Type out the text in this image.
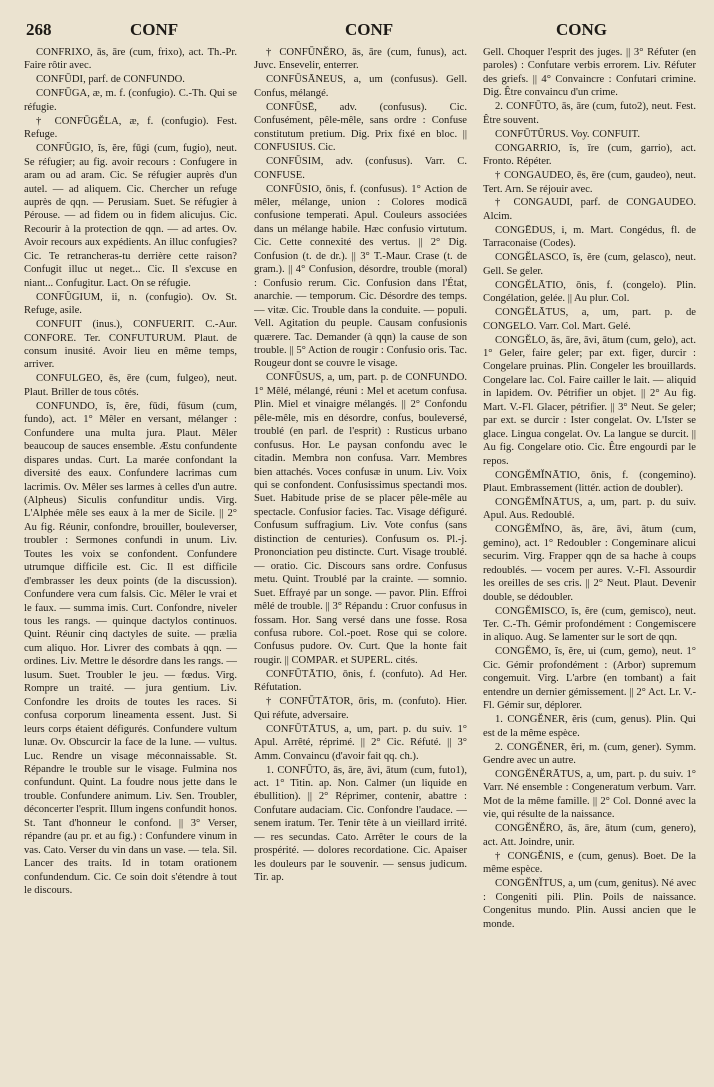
268	CONF	CONF	CONG

CONFRIXO, ās, āre (cum, frixo), act. Th.-Pr. Faire rôtir avec.

CONFŪDI, parf. de CONFUNDO.

CONFŪGA, æ, m. f. (confugio). C.-Th. Qui se réfugie.

† CONFŪGĔLA, æ, f. (confugio). Fest. Refuge.

CONFŬGIO, ĭs, ĕre, fūgi (cum, fugio), neut. Se réfugier; au fig. avoir recours : Confugere in aram ou ad aram. Cic. Se réfugier auprès d'un autel. — ad aliquem. Cic. Chercher un refuge auprès de qqn. — Perusiam. Suet. Se réfugier à Pérouse. — ad fidem ou in fidem alicujus. Cic. Recourir à la protection de qqn. — ad artes. Ov. Avoir recours aux expédients. An illuc confugies? Cic. Te retrancheras-tu derrière cette raison? Confugit illuc ut neget... Cic. Il s'excuse en niant... Confugitur. Lact. On se réfugie.

CONFŬGIUM, ii, n. (confugio). Ov. St. Refuge, asile.

CONFUIT (inus.), CONFUERIT. C.-Aur. CONFORE. Ter. CONFUTURUM. Plaut. de consum inusité. Avoir lieu en même temps, arriver.

CONFULGEO, ēs, ēre (cum, fulgeo), neut. Plaut. Briller de tous côtés.

CONFUNDO, ĭs, ĕre, fūdi, fūsum (cum, fundo), act. 1° Mêler en versant, mélanger : Confundere una multa jura. Plaut. Mêler beaucoup de sauces ensemble. Æstu confundente dispares undas. Curt. La marée confondant la diversité des eaux. Confundere lacrimas cum lacrimis. Ov. Mêler ses larmes à celles d'un autre. (Alpheus) Siculis confunditur undis. Virg. L'Alphée mêle ses eaux à la mer de Sicile. || 2° Au fig. Réunir, confondre, brouiller, bouleverser, troubler : Sermones confundi in unum. Liv. Toutes les voix se confondent. Confundere utrumque difficile est. Cic. Il est difficile d'embrasser les deux points (de la discussion). Confundere vera cum falsis. Cic. Mêler le vrai et le faux. — summa imis. Curt. Confondre, niveler tous les rangs. — quinque dactylos continuos. Quint. Réunir cinq dactyles de suite. — prælia cum aliquo. Hor. Livrer des combats à qqn. — ordines. Liv. Mettre le désordre dans les rangs. — lusum. Suet. Troubler le jeu. — fœdus. Virg. Rompre un traité. — jura gentium. Liv. Confondre les droits de toutes les races. Si confusa corporum lineamenta essent. Just. Si leurs corps étaient défigurés. Confundere vultum lunæ. Ov. Obscurcir la face de la lune. — vultus. Luc. Rendre un visage méconnaissable. St. Répandre le trouble sur le visage. Fulmina nos confundunt. Quint. La foudre nous jette dans le trouble. Confundere animum. Liv. Sen. Troubler, déconcerter l'esprit. Illum ingens confundit honos. St. Tant d'honneur le confond. || 3° Verser, répandre (au pr. et au fig.) : Confundere vinum in vas. Cato. Verser du vin dans un vase. — tela. Sil. Lancer des traits. Id in totam orationem confundendum. Cic. Ce soin doit s'étendre à tout le discours.

† CONFŪNĔRO, ās, āre (cum, funus), act. Juvc. Ensevelir, enterrer.

CONFŪSĀNEUS, a, um (confusus). Gell. Confus, mélangé.

CONFŪSĒ, adv. (confusus). Cic. Confusément, pêle-mêle, sans ordre : Confuse constitutum pretium. Dig. Prix fixé en bloc. || CONFUSIUS. Cic.

CONFŪSIM, adv. (confusus). Varr. C. CONFUSE.

CONFŪSIO, ōnis, f. (confusus). 1° Action de mêler, mélange, union : Colores modicā confusione temperati. Apul. Couleurs associées dans un mélange habile. Hæc confusio virtutum. Cic. Cette connexité des vertus. || 2° Dig. Confusion (t. de dr.). || 3° T.-Maur. Crase (t. de gram.). || 4° Confusion, désordre, trouble (moral) : Confusio rerum. Cic. Confusion dans l'État, anarchie. — temporum. Cic. Désordre des temps. — vitæ. Cic. Trouble dans la conduite. — populi. Vell. Agitation du peuple. Causam confusionis quærere. Tac. Demander (à qqn) la cause de son trouble. || 5° Action de rougir : Confusio oris. Tac. Rougeur dont se couvre le visage.

CONFŪSUS, a, um, part. p. de CONFUNDO. 1° Mêlé, mélangé, réuni : Mel et acetum confusa. Plin. Miel et vinaigre mélangés. || 2° Confondu pêle-mêle, mis en désordre, confus, bouleversé, troublé (en parl. de l'esprit) : Rusticus urbano confusus. Hor. Le paysan confondu avec le citadin. Membra non confusa. Varr. Membres bien attachés. Voces confusæ in unum. Liv. Voix qui se confondent. Confusissimus spectandi mos. Suet. Habitude prise de se placer pêle-mêle au spectacle. Confusior facies. Tac. Visage défiguré. Confusum suffragium. Liv. Vote confus (sans distinction de centuries). Confusum os. Pl.-j. Prononciation peu distincte. Curt. Visage troublé. — oratio. Cic. Discours sans ordre. Confusus metu. Quint. Troublé par la crainte. — somnio. Suet. Effrayé par un songe. — pavor. Plin. Effroi mêlé de trouble. || 3° Répandu : Cruor confusus in fossam. Hor. Sang versé dans une fosse. Rosa confusa rubore. Col.-poet. Rose qui se colore. Confusus pudore. Ov. Curt. Que la honte fait rougir. || COMPAR. et SUPERL. cités.

CONFŪTĀTIO, ōnis, f. (confuto). Ad Her. Réfutation.

† CONFŪTĀTOR, ōris, m. (confuto). Hier. Qui réfute, adversaire.

CONFŪTĀTUS, a, um, part. p. du suiv. 1° Apul. Arrêté, réprimé. || 2° Cic. Réfuté. || 3° Amm. Convaincu (d'avoir fait qq. ch.).

1. CONFŪTO, ās, āre, āvi, ātum (cum, futo1), act. 1° Titin. ap. Non. Calmer (un liquide en ébullition). || 2° Réprimer, contenir, abattre : Confutare audaciam. Cic. Confondre l'audace. — senem iratum. Ter. Tenir tête à un vieillard irrité. — res secundas. Cato. Arrêter le cours de la prospérité. — dolores recordatione. Cic. Apaiser les douleurs par le souvenir. — sensus judicum. Tir. ap.

Gell. Choquer l'esprit des juges. || 3° Réfuter (en paroles) : Confutare verbis errorem. Liv. Réfuter des griefs. || 4° Convaincre : Confutari crimine. Dig. Être convaincu d'un crime.

2. CONFŪTO, ās, āre (cum, futo2), neut. Fest. Être souvent.

CONFŪTŪRUS. Voy. CONFUIT.

CONGARRIO, ĭs, īre (cum, garrio), act. Fronto. Répéter.

† CONGAUDEO, ēs, ēre (cum, gaudeo), neut. Tert. Arn. Se réjouir avec.

† CONGAUDI, parf. de CONGAUDEO. Alcim.

CONGĒDUS, i, m. Mart. Congédus, fl. de Tarraconaise (Codes).

CONGĔLASCO, ĭs, ĕre (cum, gelasco), neut. Gell. Se geler.

CONGĔLĀTIO, ōnis, f. (congelo). Plin. Congélation, gelée. || Au plur. Col.

CONGĔLĀTUS, a, um, part. p. de CONGELO. Varr. Col. Mart. Gelé.

CONGĔLO, ās, āre, āvi, ātum (cum, gelo), act. 1° Geler, faire geler; par ext. figer, durcir : Congelare pruinas. Plin. Congeler les brouillards. Congelare lac. Col. Faire cailler le lait. — aliquid in lapidem. Ov. Pétrifier un objet. || 2° Au fig. Mart. V.-Fl. Glacer, pétrifier. || 3° Neut. Se geler; par ext. se durcir : Ister congelat. Ov. L'Ister se glace. Lingua congelat. Ov. La langue se durcit. || Au fig. Congelare otio. Cic. Être engourdi par le repos.

CONGĔMĬNĀTIO, ōnis, f. (congemino). Plaut. Embrassement (littér. action de doubler).

CONGĔMĬNĀTUS, a, um, part. p. du suiv. Apul. Aus. Redoublé.

CONGĔMĬNO, ās, āre, āvi, ātum (cum, gemino), act. 1° Redoubler : Congeminare alicui securim. Virg. Frapper qqn de sa hache à coups redoublés. — vocem per aures. V.-Fl. Assourdir les oreilles de ses cris. || 2° Neut. Plaut. Devenir double, se dédoubler.

CONGĔMISCO, ĭs, ĕre (cum, gemisco), neut. Ter. C.-Th. Gémir profondément : Congemiscere in aliquo. Aug. Se lamenter sur le sort de qqn.

CONGĔMO, ĭs, ĕre, ui (cum, gemo), neut. 1° Cic. Gémir profondément : (Arbor) supremum congemuit. Virg. L'arbre (en tombant) a fait entendre un dernier gémissement. || 2° Act. Lr. V.-Fl. Gémir sur, déplorer.

1. CONGĔNER, ĕris (cum, genus). Plin. Qui est de la même espèce.

2. CONGĔNER, ĕri, m. (cum, gener). Symm. Gendre avec un autre.

CONGĔNĔRĀTUS, a, um, part. p. du suiv. 1° Varr. Né ensemble : Congeneratum verbum. Varr. Mot de la même famille. || 2° Col. Donné avec la vie, qui résulte de la naissance.

CONGĔNĔRO, ās, āre, ātum (cum, genero), act. Att. Joindre, unir.

† CONGĔNIS, e (cum, genus). Boet. De la même espèce.

CONGĔNĬTUS, a, um (cum, genitus). Né avec : Congeniti pili. Plin. Poils de naissance. Congenitus mundo. Plin. Aussi ancien que le monde.
